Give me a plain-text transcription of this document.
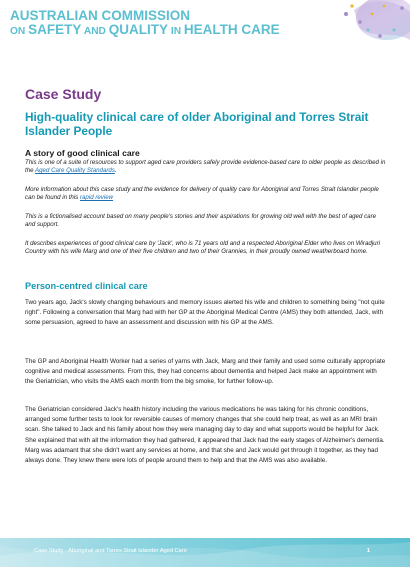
AUSTRALIAN COMMISSION
ON SAFETY AND QUALITY IN HEALTH CARE
Case Study
High-quality clinical care of older Aboriginal and Torres Strait Islander People
A story of good clinical care

This is one of a suite of resources to support aged care providers safely provide evidence-based care to older people as described in the Aged Care Quality Standards.

More information about this case study and the evidence for delivery of quality care for Aboriginal and Torres Strait Islander people can be found in this rapid review

This is a fictionalised account based on many people's stories and their aspirations for growing old well with the best of aged care and support.

It describes experiences of good clinical care by 'Jack', who is 71 years old and a respected Aboriginal Elder who lives on Wiradjuri Country with his wife Marg and one of their five children and two of their Grannies, in their proudly owned weatherboard home.

Person-centred clinical care

Two years ago, Jack's slowly changing behaviours and memory issues alerted his wife and children to something being "not quite right". Following a conversation that Marg had with her GP at the Aboriginal Medical Centre (AMS) they both attended, Jack, with some persuasion, agreed to have an assessment and discussion with his GP at the AMS.

The GP and Aboriginal Health Worker had a series of yarns with Jack, Marg and their family and used some culturally appropriate cognitive and medical assessments. From this, they had concerns about dementia and helped Jack make an appointment with the Geriatrician, who visits the AMS each month from the big smoke, for further follow-up.

The Geriatrician considered Jack's health history including the various medications he was taking for his chronic conditions, arranged some further tests to look for reversible causes of memory changes that she could help treat, as well as an MRI brain scan. She talked to Jack and his family about how they were managing day to day and what supports would be helpful for Jack. She explained that with all the information they had gathered, it appeared that Jack had the early stages of Alzheimer's dementia. Marg was adamant that she didn't want any services at home, and that she and Jack would get through it together, as they had always done. They knew there were lots of people around them to help and that the AMS was also available.

Case Study - Aboriginal and Torres Strait Islander Aged Care	1
